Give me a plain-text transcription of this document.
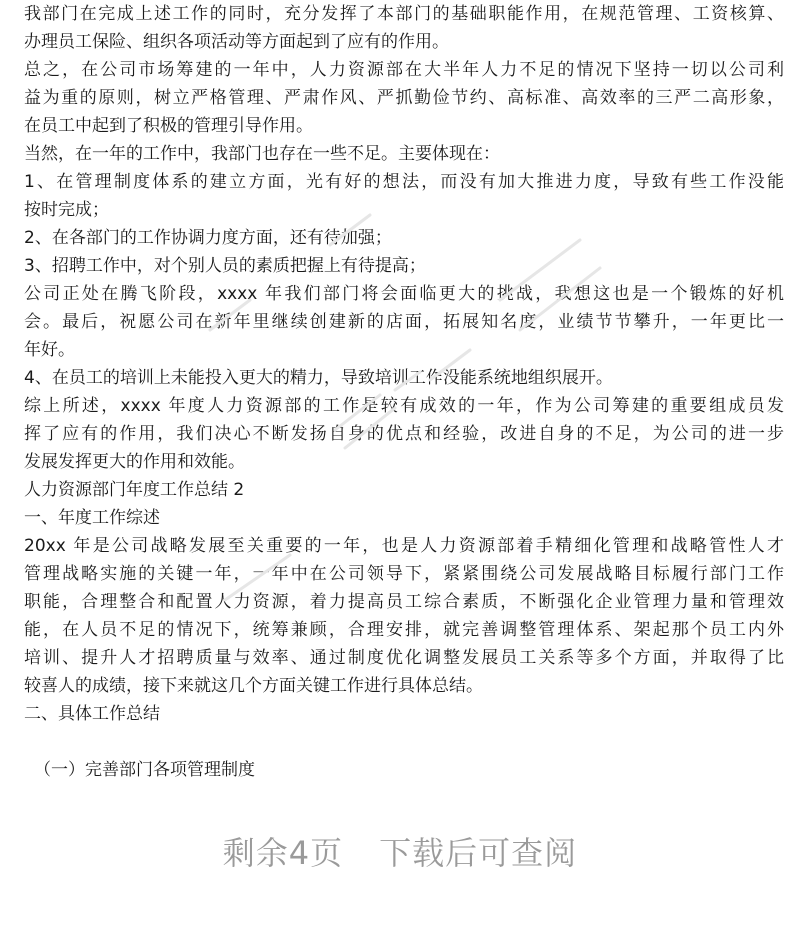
我部门在完成上述工作的同时，充分发挥了本部门的基础职能作用，在规范管理、工资核算、
办理员工保险、组织各项活动等方面起到了应有的作用。
总之，在公司市场筹建的一年中，人力资源部在大半年人力不足的情况下坚持一切以公司利
益为重的原则，树立严格管理、严肃作风、严抓勤俭节约、高标准、高效率的三严二高形象，
在员工中起到了积极的管理引导作用。
当然，在一年的工作中，我部门也存在一些不足。主要体现在：
1、在管理制度体系的建立方面，光有好的想法，而没有加大推进力度，导致有些工作没能
按时完成；
2、在各部门的工作协调力度方面，还有待加强；
3、招聘工作中，对个别人员的素质把握上有待提高；
公司正处在腾飞阶段，xxxx 年我们部门将会面临更大的挑战，我想这也是一个锻炼的好机
会。最后，祝愿公司在新年里继续创建新的店面，拓展知名度，业绩节节攀升，一年更比一
年好。
4、在员工的培训上未能投入更大的精力，导致培训工作没能系统地组织展开。
综上所述，xxxx 年度人力资源部的工作是较有成效的一年，作为公司筹建的重要组成员发
挥了应有的作用，我们决心不断发扬自身的优点和经验，改进自身的不足，为公司的进一步
发展发挥更大的作用和效能。
人力资源部门年度工作总结 2
一、年度工作综述
20xx 年是公司战略发展至关重要的一年，也是人力资源部着手精细化管理和战略管性人才
管理战略实施的关键一年，一年中在公司领导下，紧紧围绕公司发展战略目标履行部门工作
职能，合理整合和配置人力资源，着力提高员工综合素质，不断强化企业管理力量和管理效
能，在人员不足的情况下，统筹兼顾，合理安排，就完善调整管理体系、架起那个员工内外
培训、提升人才招聘质量与效率、通过制度优化调整发展员工关系等多个方面，并取得了比
较喜人的成绩，接下来就这几个方面关键工作进行具体总结。
二、具体工作总结
（一）完善部门各项管理制度
剩余4页 下载后可查阅
